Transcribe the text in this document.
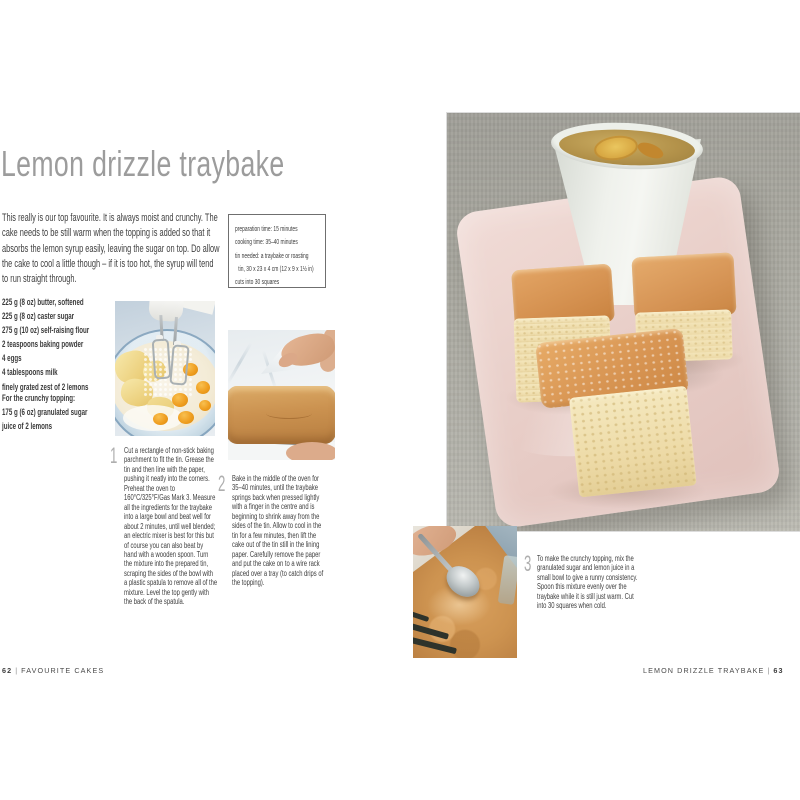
Lemon drizzle traybake
This really is our top favourite. It is always moist and crunchy. The cake needs to be still warm when the topping is added so that it absorbs the lemon syrup easily, leaving the sugar on top. Do allow the cake to cool a little though – if it is too hot, the syrup will tend to run straight through.
preparation time: 15 minutes
cooking time: 35–40 minutes
tin needed: a traybake or roasting
tin, 30 x 23 x 4 cm (12 x 9 x 1½ in)
cuts into 30 squares
225 g (8 oz) butter, softened
225 g (8 oz) caster sugar
275 g (10 oz) self-raising flour
2 teaspoons baking powder
4 eggs
4 tablespoons milk
finely grated zest of 2 lemons
For the crunchy topping:
175 g (6 oz) granulated sugar
juice of 2 lemons
1 Cut a rectangle of non-stick baking parchment to fit the tin. Grease the tin and then line with the paper, pushing it neatly into the corners. Preheat the oven to 160°C/325°F/Gas Mark 3. Measure all the ingredients for the traybake into a large bowl and beat well for about 2 minutes, until well blended; an electric mixer is best for this but of course you can also beat by hand with a wooden spoon. Turn the mixture into the prepared tin, scraping the sides of the bowl with a plastic spatula to remove all of the mixture. Level the top gently with the back of the spatula.
2 Bake in the middle of the oven for 35–40 minutes, until the traybake springs back when pressed lightly with a finger in the centre and is beginning to shrink away from the sides of the tin. Allow to cool in the tin for a few minutes, then lift the cake out of the tin still in the lining paper. Carefully remove the paper and put the cake on to a wire rack placed over a tray (to catch drips of the topping).
3 To make the crunchy topping, mix the granulated sugar and lemon juice in a small bowl to give a runny consistency. Spoon this mixture evenly over the traybake while it is still just warm. Cut into 30 squares when cold.
62 | FAVOURITE CAKES	LEMON DRIZZLE TRAYBAKE | 63
